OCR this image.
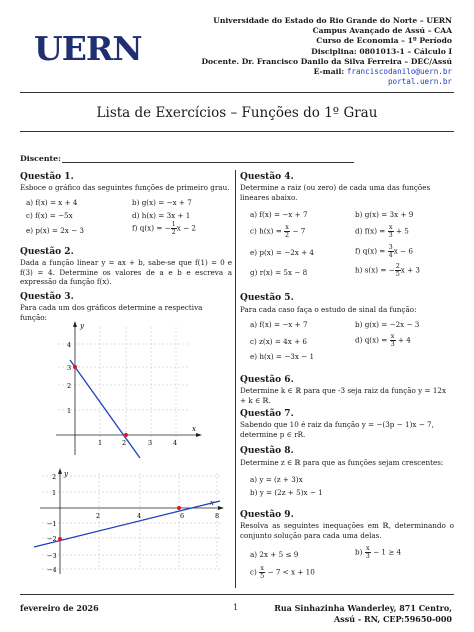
UERN
Universidade do Estado do Rio Grande do Norte – UERN
Campus Avançado de Assú – CAA
Curso de Economia – 1º Período
Disciplina: 0801013-1 – Cálculo I
Docente. Dr. Francisco Danilo da Silva Ferreira – DEC/Assú
E-mail: franciscodanilo@uern.br
portal.uern.br
Lista de Exercícios – Funções do 1º Grau
Discente:
Questão 1.
Esboce o gráfico das seguintes funções de primeiro grau.
a) f(x) = x + 4	b) g(x) = −x + 7
c) f(x) = −5x	d) h(x) = 3x + 1
e) p(x) = 2x − 3	f) q(x) = − $\frac{1}{2}$ x − 2
Questão 2.
Dada a função linear y = ax + b, sabe-se que f(1) = 0 e f(3) = 4. Determine os valores de a e b e escreva a expressão da função f(x).
Questão 3.
Para cada um dos gráficos determine a respectiva função:
x
y
1	2	3	4
1
2
3
4
y
2	4	6	8
2
1
−1
−2
−3
−4
Questão 4.
Determine a raiz (ou zero) de cada uma das funções lineares abaixo.
a) f(x) = −x + 7	b) g(x) = 3x + 9
c) $h(x) = \frac{x}{2} - 7$	d) $f(x) = \frac{x}{3} + 5$
e) p(x) = −2x + 4	f) $q(x) = \frac{3}{4}$ x − 6
g) r(x) = 5x − 8	h) s(x) = − $\frac{2}{5}$ x + 3
Questão 5.
Para cada caso faça o estudo de sinal da função:
a) f(x) = −x + 7	b) g(x) = −2x − 3
c) z(x) = 4x + 6	d) $q(x) = \frac{x}{3} + 4$
e) h(x) = −3x − 1
Questão 6.
Determine k ∈ ℝ para que -3 seja raiz da função y = 12x + k ∈ ℝ.
Questão 7.
Sabendo que 10 é raiz da função y = −(3p − 1)x − 7, determine p ∈ rR.
Questão 8.
Determine z ∈ ℝ para que as funções sejam crescentes:
a) y = (z + 3)x
b) y = (2z + 5)x − 1
Questão 9.
Resolva as seguintes inequações em ℝ, determinando o conjunto solução para cada uma delas.
a) 2x + 5 ≤ 9	$b) \frac{x}{3} - 1 \ge 4$
$c) \frac{x}{5} - 7 < x + 10$
fevereiro de 2026	1	Rua Sinhazinha Wanderley, 871 Centro,
Assú - RN, CEP:59650-000
